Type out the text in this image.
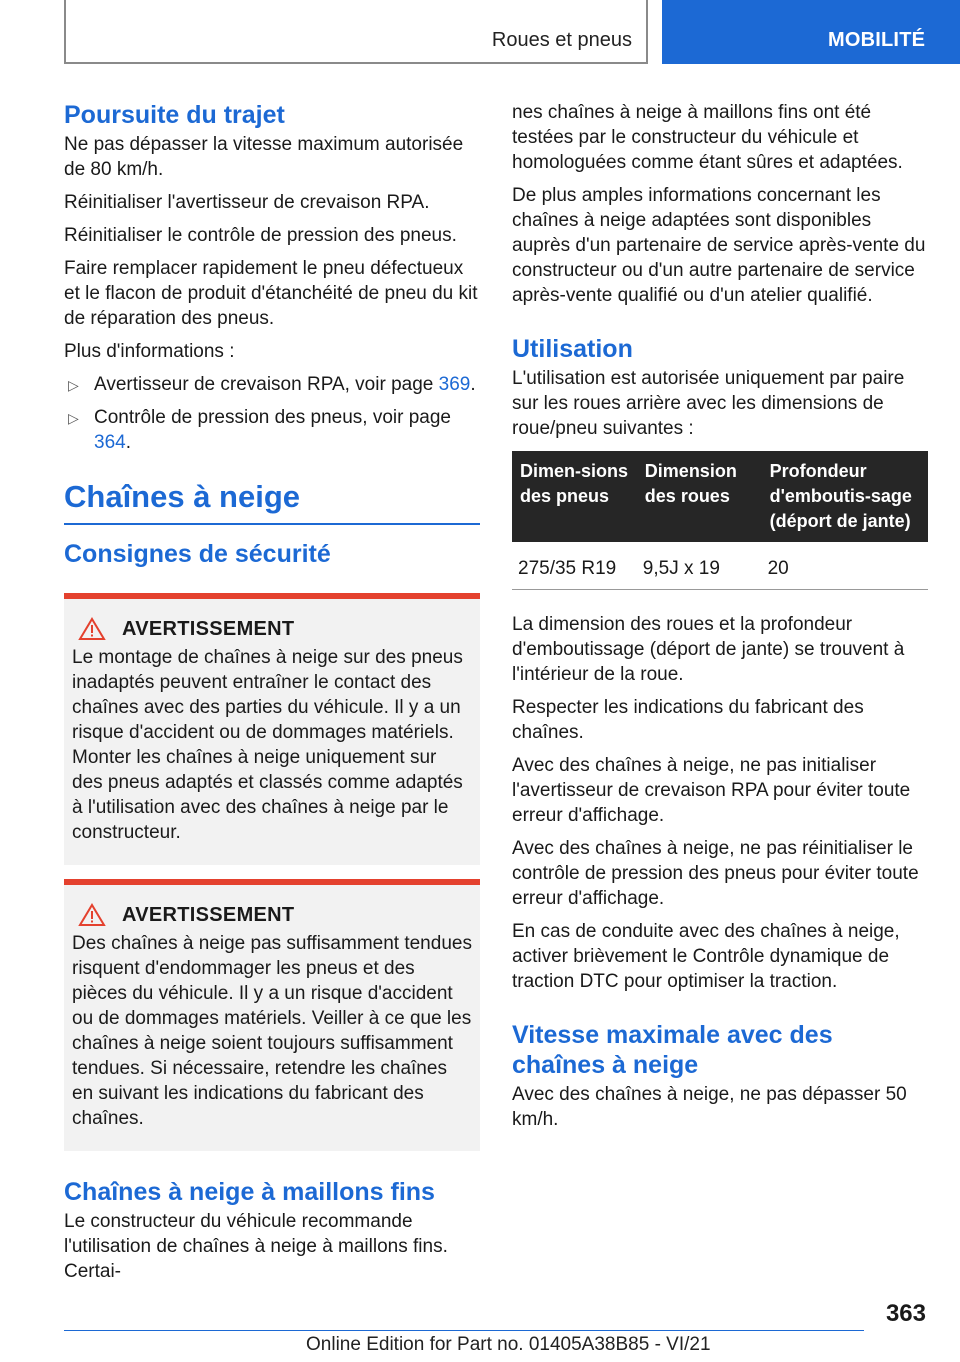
Roues et pneus	MOBILITÉ
Poursuite du trajet

Ne pas dépasser la vitesse maximum autorisée de 80 km/h.

Réinitialiser l'avertisseur de crevaison RPA.

Réinitialiser le contrôle de pression des pneus.

Faire remplacer rapidement le pneu défectueux et le flacon de produit d'étanchéité de pneu du kit de réparation des pneus.

Plus d'informations :

▷ Avertisseur de crevaison RPA, voir page 369.
▷ Contrôle de pression des pneus, voir page 364.
Chaînes à neige
Consignes de sécurité
AVERTISSEMENT

Le montage de chaînes à neige sur des pneus inadaptés peuvent entraîner le contact des chaînes avec des parties du véhicule. Il y a un risque d'accident ou de dommages matériels. Monter les chaînes à neige uniquement sur des pneus adaptés et classés comme adaptés à l'utilisation avec des chaînes à neige par le constructeur.

AVERTISSEMENT

Des chaînes à neige pas suffisamment tendues risquent d'endommager les pneus et des pièces du véhicule. Il y a un risque d'accident ou de dommages matériels. Veiller à ce que les chaînes à neige soient toujours suffisamment tendues. Si nécessaire, retendre les chaînes en suivant les indications du fabricant des chaînes.

Chaînes à neige à maillons fins

Le constructeur du véhicule recommande l'utilisation de chaînes à neige à maillons fins. Certai-

nes chaînes à neige à maillons fins ont été testées par le constructeur du véhicule et homologuées comme étant sûres et adaptées.

De plus amples informations concernant les chaînes à neige adaptées sont disponibles auprès d'un partenaire de service après-vente du constructeur ou d'un autre partenaire de service après-vente qualifié ou d'un atelier qualifié.

Utilisation

L'utilisation est autorisée uniquement par paire sur les roues arrière avec les dimensions de roue/pneu suivantes :

Dimen-sions des pneus	Dimension des roues	Profondeur d'emboutis-sage (déport de jante)
275/35 R19	9,5J x 19	20

La dimension des roues et la profondeur d'emboutissage (déport de jante) se trouvent à l'intérieur de la roue.

Respecter les indications du fabricant des chaînes.

Avec des chaînes à neige, ne pas initialiser l'avertisseur de crevaison RPA pour éviter toute erreur d'affichage.

Avec des chaînes à neige, ne pas réinitialiser le contrôle de pression des pneus pour éviter toute erreur d'affichage.

En cas de conduite avec des chaînes à neige, activer brièvement le Contrôle dynamique de traction DTC pour optimiser la traction.

Vitesse maximale avec des chaînes à neige

Avec des chaînes à neige, ne pas dépasser 50 km/h.

363
Online Edition for Part no. 01405A38B85 - VI/21
